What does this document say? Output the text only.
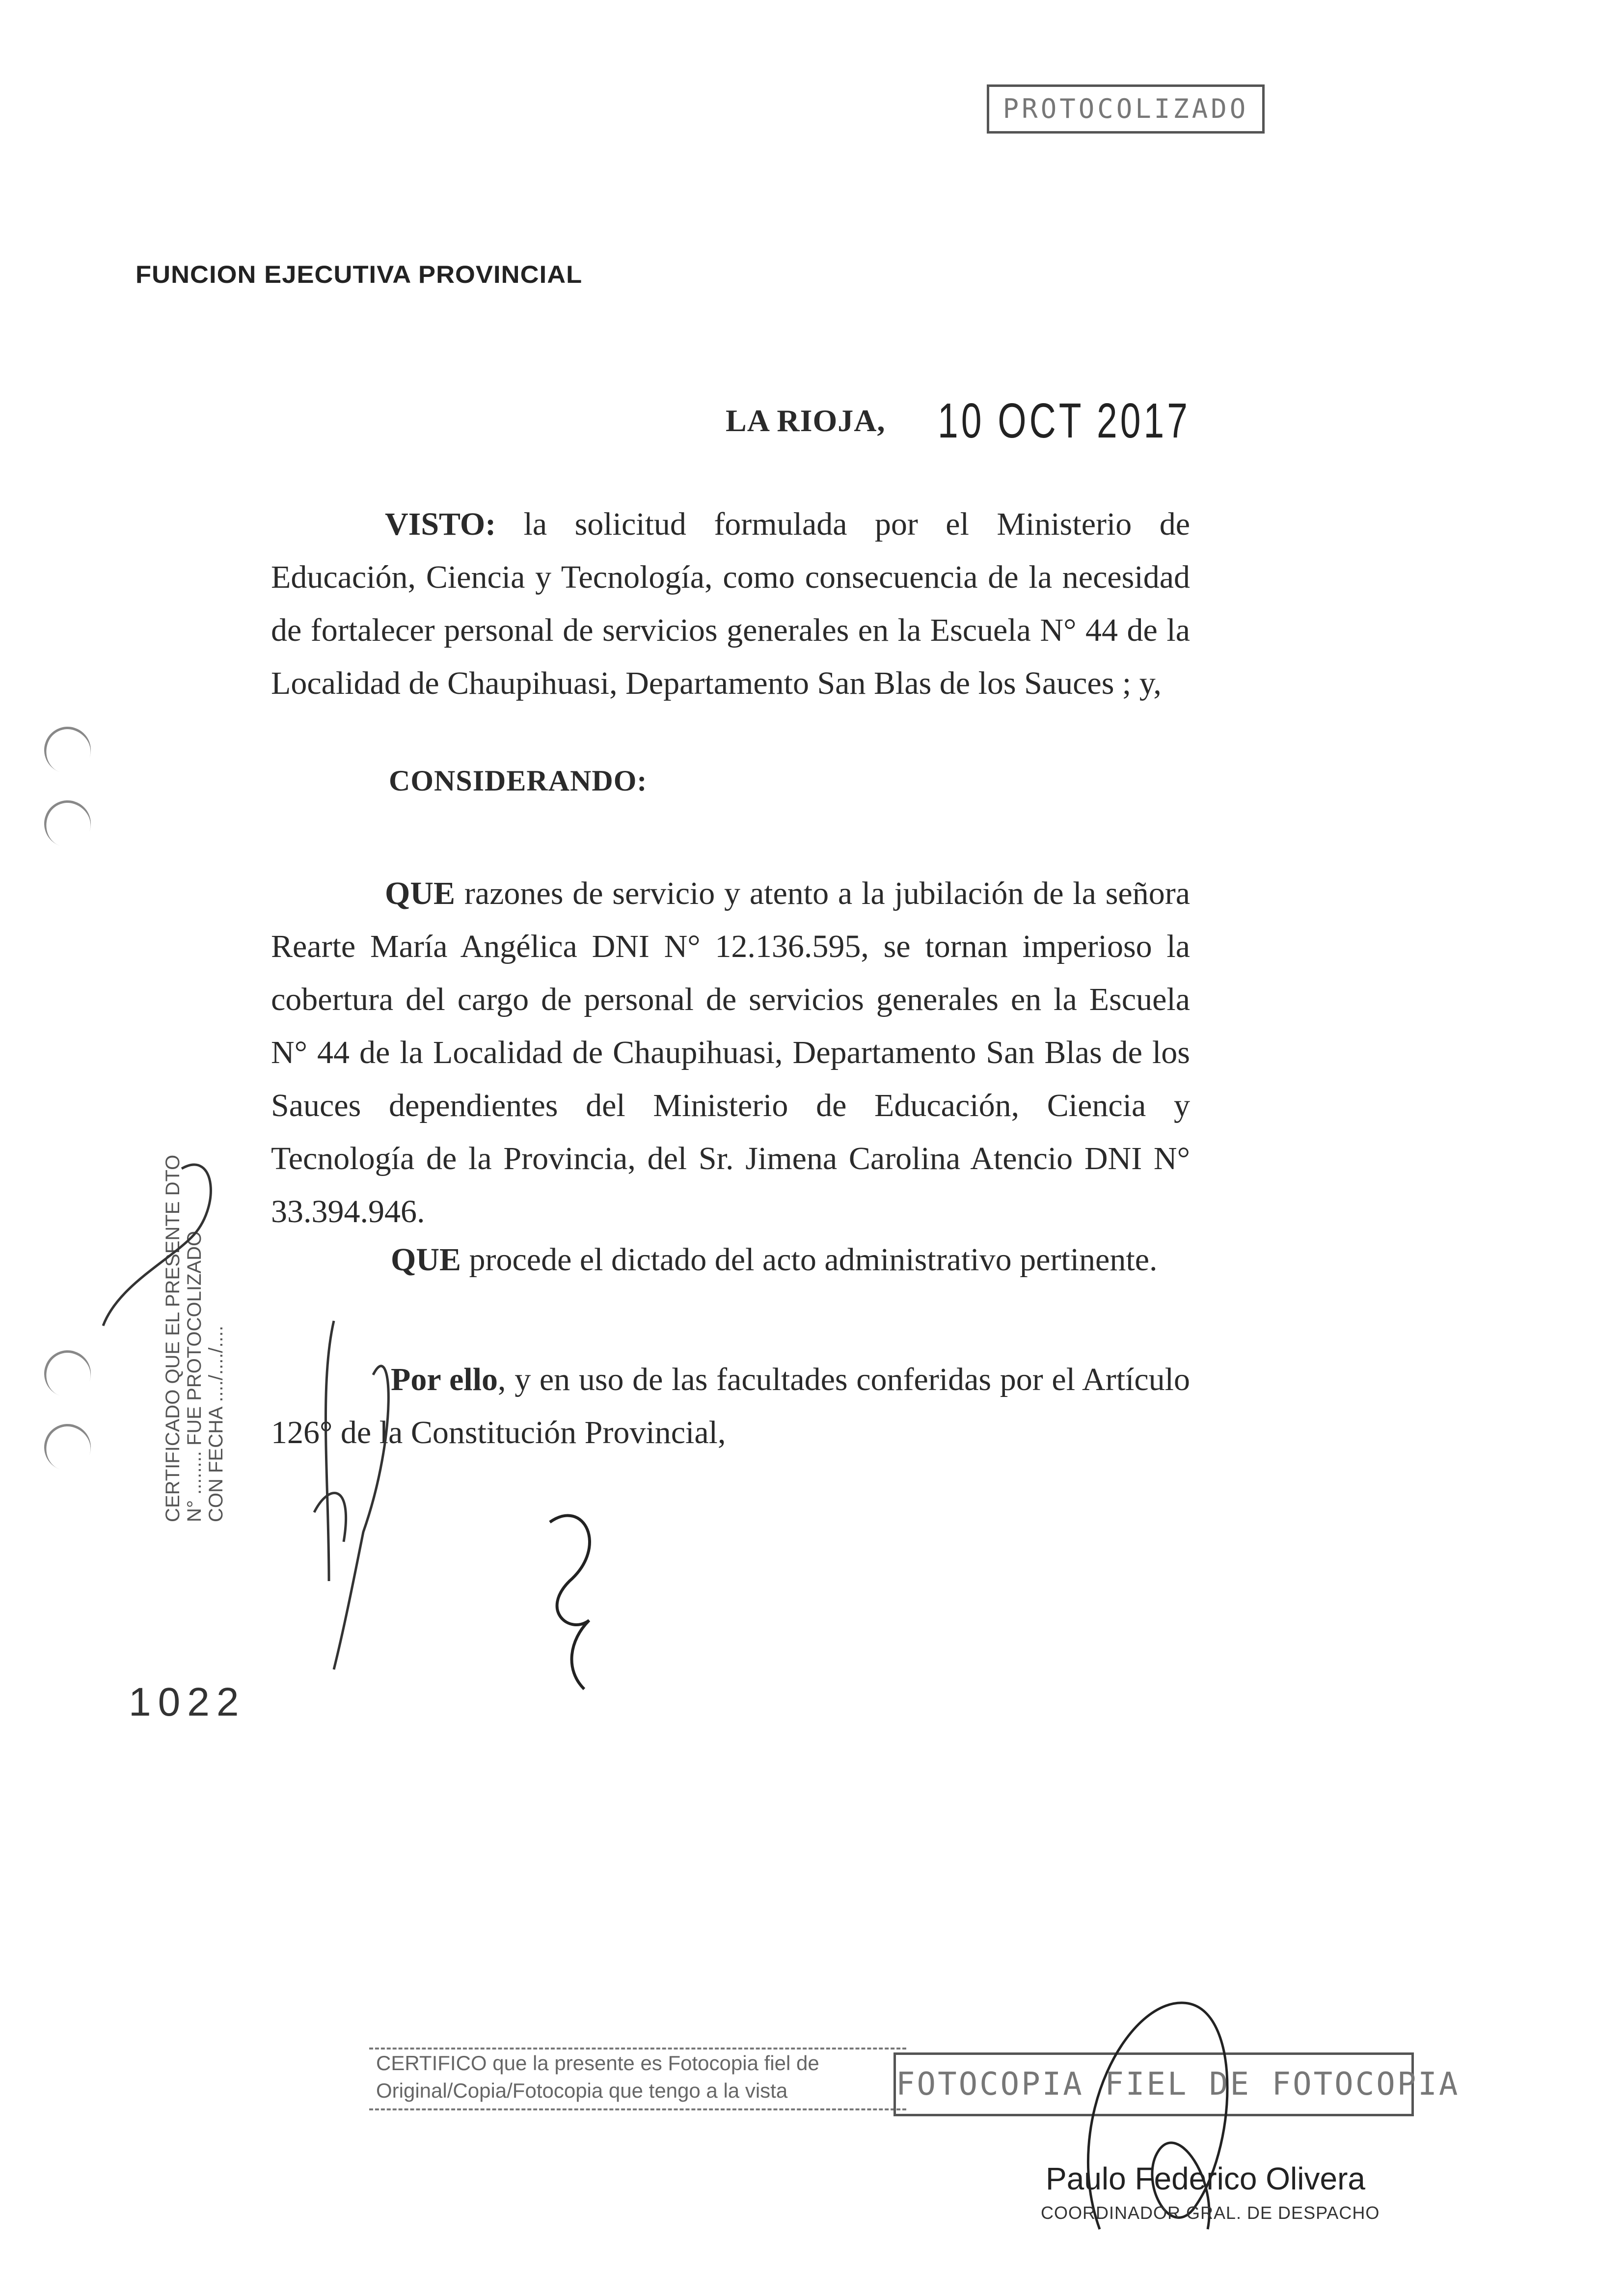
PROTOCOLIZADO
FUNCION EJECUTIVA PROVINCIAL
LA RIOJA, 10 OCT 2017
VISTO: la solicitud formulada por el Ministerio de Educación, Ciencia y Tecnología, como consecuencia de la necesidad de fortalecer personal de servicios generales en la Escuela N° 44 de la Localidad de Chaupihuasi, Departamento San Blas de los Sauces ; y,
CONSIDERANDO:
QUE razones de servicio y atento a la jubilación de la señora Rearte María Angélica DNI N° 12.136.595, se tornan imperioso la cobertura del cargo de personal de servicios generales en la Escuela N° 44 de la Localidad de Chaupihuasi, Departamento San Blas de los Sauces dependientes del Ministerio de Educación, Ciencia y Tecnología de la Provincia, del Sr. Jimena Carolina Atencio DNI N° 33.394.946.
QUE procede el dictado del acto administrativo pertinente.
Por ello, y en uso de las facultades conferidas por el Artículo 126° de la Constitución Provincial,
CERTIFICADO QUE EL PRESENTE DTO N° ........ FUE PROTOCOLIZADO CON FECHA ..../..../....
1022
CERTIFICO que la presente es Fotocopia fiel de
Original/Copia/Fotocopia que tengo a la vista	FOTOCOPIA FIEL DE FOTOCOPIA
Paulo Federico Olivera
COORDINADOR GRAL. DE DESPACHO
